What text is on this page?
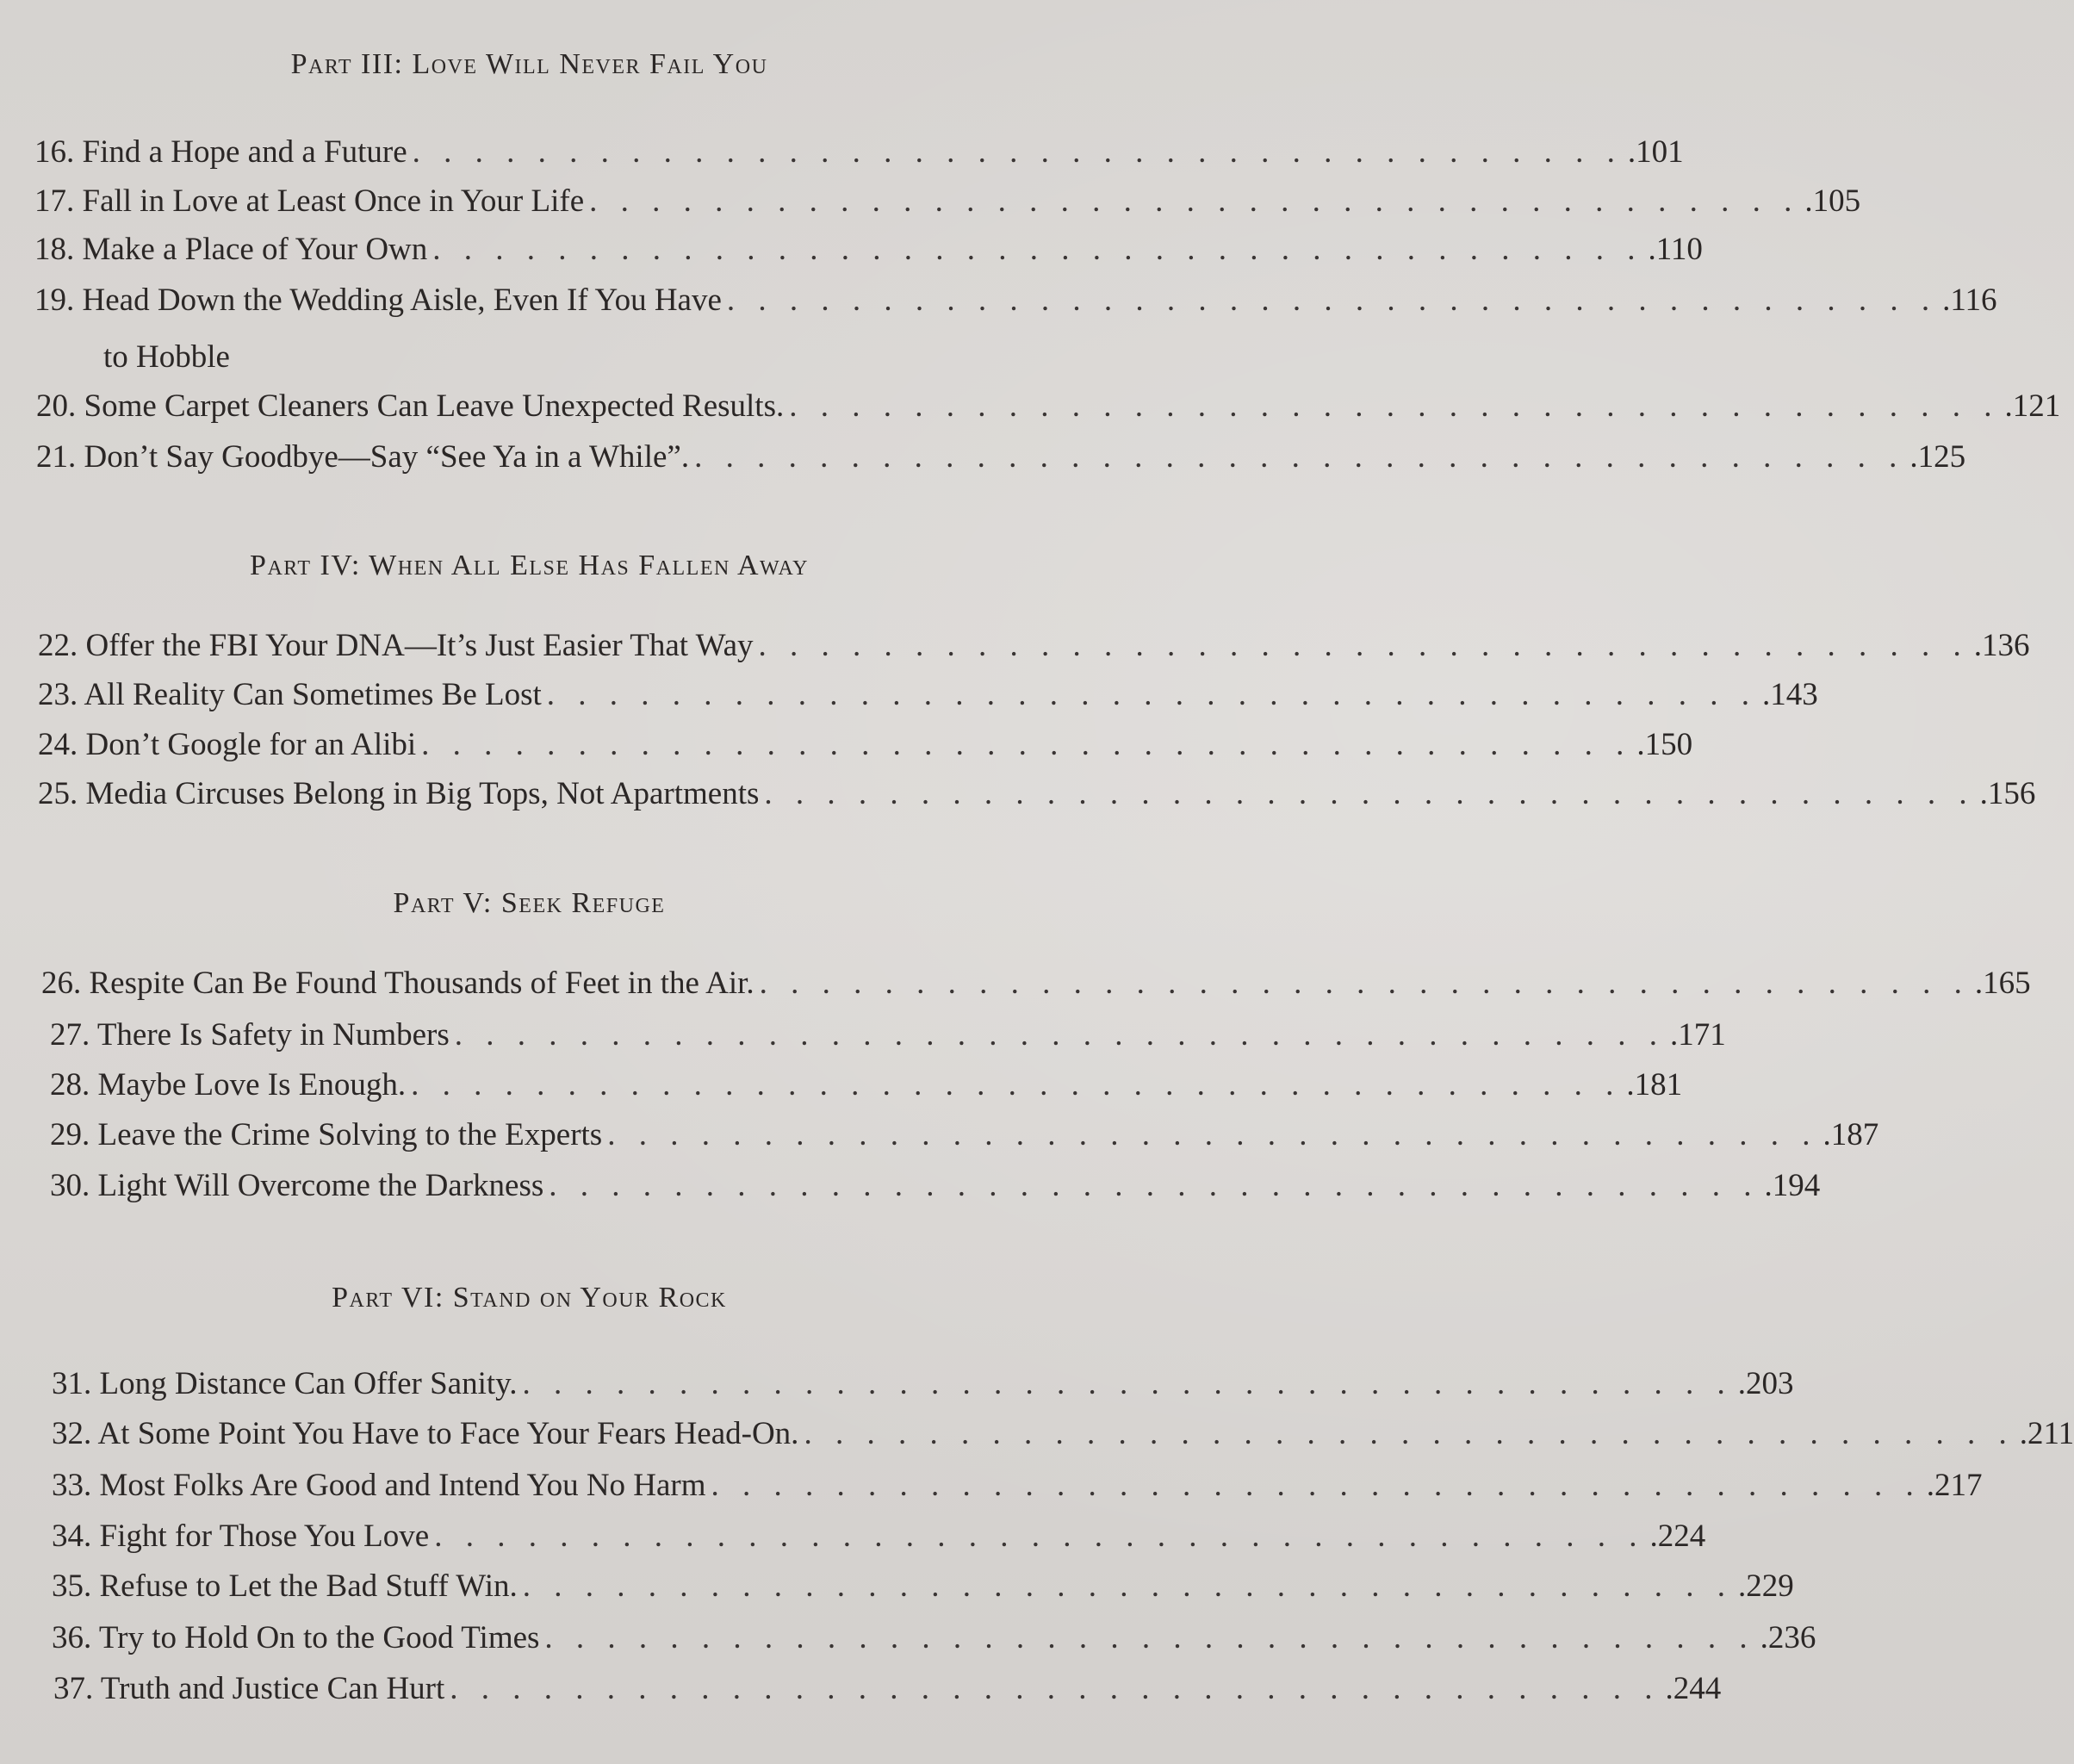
Part III: Love Will Never Fail You
16. Find a Hope and a Future . . . . . . . . . . . . . . . . . . . . . . . . . . . . . . . . . . . . . . . .101
17. Fall in Love at Least Once in Your Life . . . . . . . . . . . . . . . . . . . . . . . . . . . . . . . . . . . . . . . .105
18. Make a Place of Your Own . . . . . . . . . . . . . . . . . . . . . . . . . . . . . . . . . . . . . . . .110
19. Head Down the Wedding Aisle, Even If You Have . . . . . . . . . . . . . . . . . . . . . . . . . . . . . . . . . . . . . . . .116
to Hobble
20. Some Carpet Cleaners Can Leave Unexpected Results. . . . . . . . . . . . . . . . . . . . . . . . . . . . . . . . . . . . . . . . .121
21. Don’t Say Goodbye—Say “See Ya in a While”. . . . . . . . . . . . . . . . . . . . . . . . . . . . . . . . . . . . . . . . .125
Part IV: When All Else Has Fallen Away
22. Offer the FBI Your DNA—It’s Just Easier That Way . . . . . . . . . . . . . . . . . . . . . . . . . . . . . . . . . . . . . . . .136
23. All Reality Can Sometimes Be Lost . . . . . . . . . . . . . . . . . . . . . . . . . . . . . . . . . . . . . . . .143
24. Don’t Google for an Alibi . . . . . . . . . . . . . . . . . . . . . . . . . . . . . . . . . . . . . . . .150
25. Media Circuses Belong in Big Tops, Not Apartments . . . . . . . . . . . . . . . . . . . . . . . . . . . . . . . . . . . . . . . .156
Part V: Seek Refuge
26. Respite Can Be Found Thousands of Feet in the Air. . . . . . . . . . . . . . . . . . . . . . . . . . . . . . . . . . . . . . . . .165
27. There Is Safety in Numbers . . . . . . . . . . . . . . . . . . . . . . . . . . . . . . . . . . . . . . . .171
28. Maybe Love Is Enough. . . . . . . . . . . . . . . . . . . . . . . . . . . . . . . . . . . . . . . . .181
29. Leave the Crime Solving to the Experts . . . . . . . . . . . . . . . . . . . . . . . . . . . . . . . . . . . . . . . .187
30. Light Will Overcome the Darkness . . . . . . . . . . . . . . . . . . . . . . . . . . . . . . . . . . . . . . . .194
Part VI: Stand on Your Rock
31. Long Distance Can Offer Sanity. . . . . . . . . . . . . . . . . . . . . . . . . . . . . . . . . . . . . . . . .203
32. At Some Point You Have to Face Your Fears Head-On. . . . . . . . . . . . . . . . . . . . . . . . . . . . . . . . . . . . . . . . .211
33. Most Folks Are Good and Intend You No Harm . . . . . . . . . . . . . . . . . . . . . . . . . . . . . . . . . . . . . . . .217
34. Fight for Those You Love . . . . . . . . . . . . . . . . . . . . . . . . . . . . . . . . . . . . . . . .224
35. Refuse to Let the Bad Stuff Win. . . . . . . . . . . . . . . . . . . . . . . . . . . . . . . . . . . . . . . . .229
36. Try to Hold On to the Good Times . . . . . . . . . . . . . . . . . . . . . . . . . . . . . . . . . . . . . . . .236
37. Truth and Justice Can Hurt . . . . . . . . . . . . . . . . . . . . . . . . . . . . . . . . . . . . . . . .244
